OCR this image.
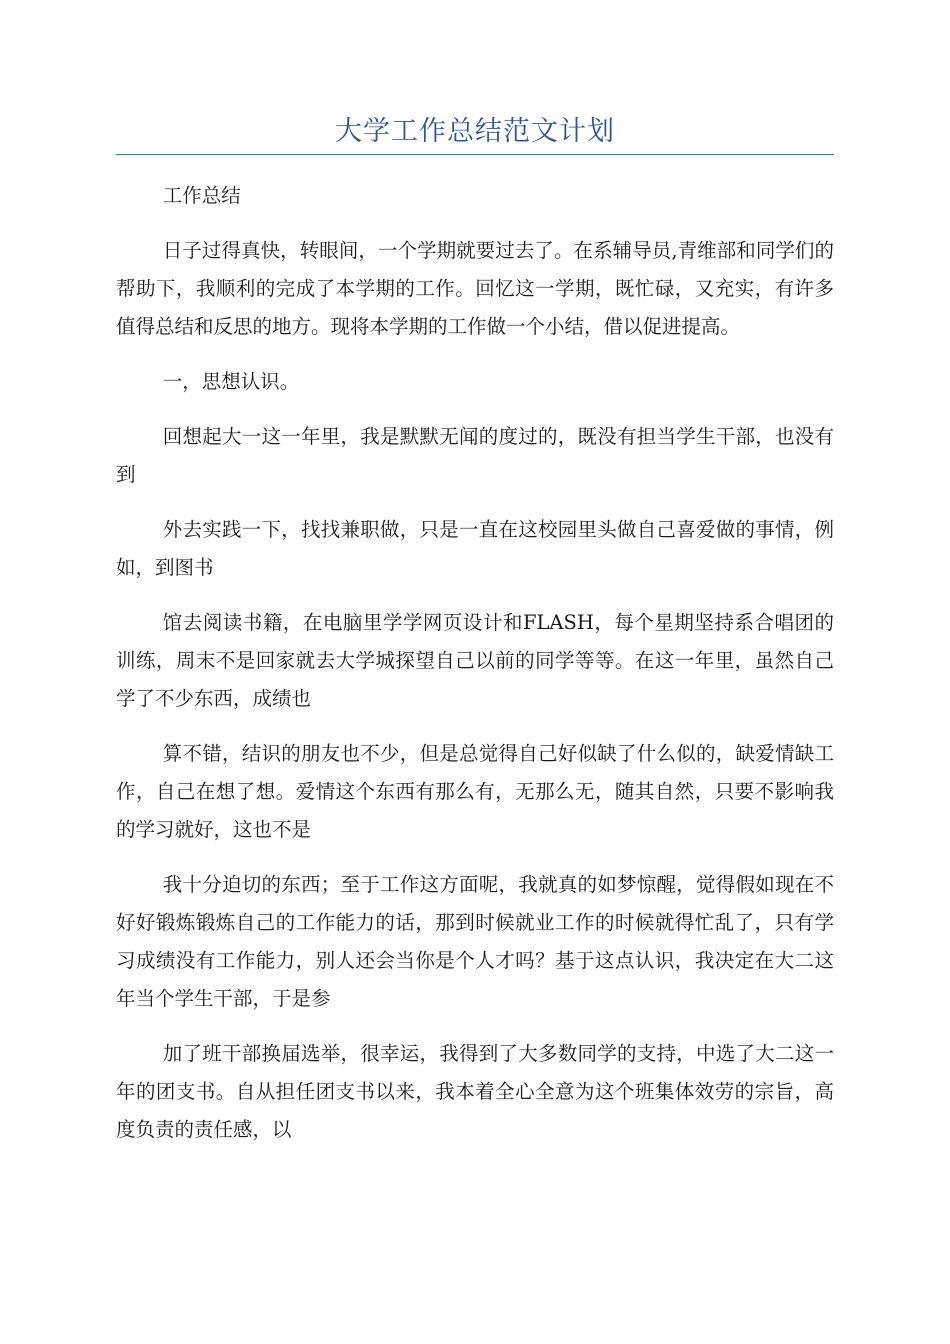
大学工作总结范文计划

工作总结

日子过得真快，转眼间，一个学期就要过去了。在系辅导员,青维部和同学们的帮助下，我顺利的完成了本学期的工作。回忆这一学期，既忙碌，又充实，有许多值得总结和反思的地方。现将本学期的工作做一个小结，借以促进提高。

一，思想认识。

回想起大一这一年里，我是默默无闻的度过的，既没有担当学生干部，也没有到

外去实践一下，找找兼职做，只是一直在这校园里头做自己喜爱做的事情，例如，到图书

馆去阅读书籍，在电脑里学学网页设计和FLASH，每个星期坚持系合唱团的训练，周末不是回家就去大学城探望自己以前的同学等等。在这一年里，虽然自己学了不少东西，成绩也

算不错，结识的朋友也不少，但是总觉得自己好似缺了什么似的，缺爱情缺工作，自己在想了想。爱情这个东西有那么有，无那么无，随其自然，只要不影响我的学习就好，这也不是

我十分迫切的东西；至于工作这方面呢，我就真的如梦惊醒，觉得假如现在不好好锻炼锻炼自己的工作能力的话，那到时候就业工作的时候就得忙乱了，只有学习成绩没有工作能力，别人还会当你是个人才吗？基于这点认识，我决定在大二这年当个学生干部，于是参

加了班干部换届选举，很幸运，我得到了大多数同学的支持，中选了大二这一年的团支书。自从担任团支书以来，我本着全心全意为这个班集体效劳的宗旨，高度负责的责任感，以
